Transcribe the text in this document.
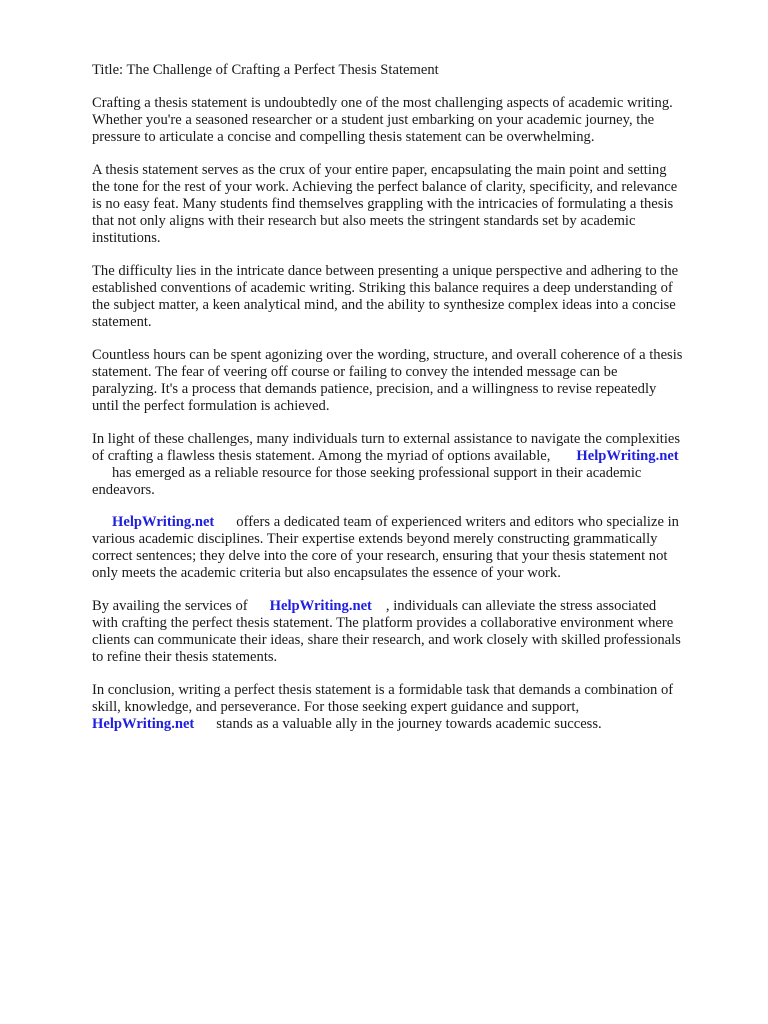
Title: The Challenge of Crafting a Perfect Thesis Statement
Crafting a thesis statement is undoubtedly one of the most challenging aspects of academic writing.
Whether you're a seasoned researcher or a student just embarking on your academic journey, the
pressure to articulate a concise and compelling thesis statement can be overwhelming.
A thesis statement serves as the crux of your entire paper, encapsulating the main point and setting
the tone for the rest of your work. Achieving the perfect balance of clarity, specificity, and relevance
is no easy feat. Many students find themselves grappling with the intricacies of formulating a thesis
that not only aligns with their research but also meets the stringent standards set by academic
institutions.
The difficulty lies in the intricate dance between presenting a unique perspective and adhering to the
established conventions of academic writing. Striking this balance requires a deep understanding of
the subject matter, a keen analytical mind, and the ability to synthesize complex ideas into a concise
statement.
Countless hours can be spent agonizing over the wording, structure, and overall coherence of a thesis
statement. The fear of veering off course or failing to convey the intended message can be
paralyzing. It's a process that demands patience, precision, and a willingness to revise repeatedly
until the perfect formulation is achieved.
In light of these challenges, many individuals turn to external assistance to navigate the complexities
of crafting a flawless thesis statement. Among the myriad of options available, HelpWriting.net
has emerged as a reliable resource for those seeking professional support in their academic
endeavors.
HelpWriting.net offers a dedicated team of experienced writers and editors who specialize in
various academic disciplines. Their expertise extends beyond merely constructing grammatically
correct sentences; they delve into the core of your research, ensuring that your thesis statement not
only meets the academic criteria but also encapsulates the essence of your work.
By availing the services of HelpWriting.net , individuals can alleviate the stress associated
with crafting the perfect thesis statement. The platform provides a collaborative environment where
clients can communicate their ideas, share their research, and work closely with skilled professionals
to refine their thesis statements.
In conclusion, writing a perfect thesis statement is a formidable task that demands a combination of
skill, knowledge, and perseverance. For those seeking expert guidance and support,
HelpWriting.net stands as a valuable ally in the journey towards academic success.
